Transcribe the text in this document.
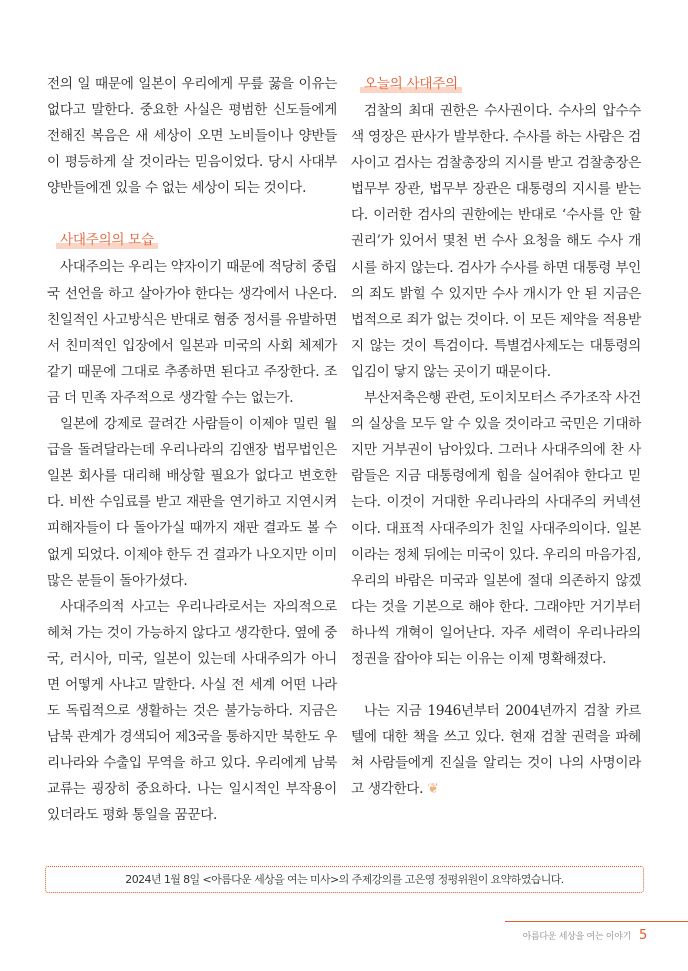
전의 일 때문에 일본이 우리에게 무릎 꿇을 이유는 없다고 말한다. 중요한 사실은 평범한 신도들에게 전해진 복음은 새 세상이 오면 노비들이나 양반들이 평등하게 살 것이라는 믿음이었다. 당시 사대부 양반들에겐 있을 수 없는 세상이 되는 것이다.

사대주의의 모습

사대주의는 우리는 약자이기 때문에 적당히 중립국 선언을 하고 살아가야 한다는 생각에서 나온다. 친일적인 사고방식은 반대로 혐중 정서를 유발하면서 친미적인 입장에서 일본과 미국의 사회 체제가 같기 때문에 그대로 추종하면 된다고 주장한다. 조금 더 민족 자주적으로 생각할 수는 없는가.

일본에 강제로 끌려간 사람들이 이제야 밀린 월급을 돌려달라는데 우리나라의 김앤장 법무법인은 일본 회사를 대리해 배상할 필요가 없다고 변호한다. 비싼 수임료를 받고 재판을 연기하고 지연시켜 피해자들이 다 돌아가실 때까지 재판 결과도 볼 수 없게 되었다. 이제야 한두 건 결과가 나오지만 이미 많은 분들이 돌아가셨다.

사대주의적 사고는 우리나라로서는 자의적으로 헤쳐 가는 것이 가능하지 않다고 생각한다. 옆에 중국, 러시아, 미국, 일본이 있는데 사대주의가 아니면 어떻게 사냐고 말한다. 사실 전 세계 어떤 나라도 독립적으로 생활하는 것은 불가능하다. 지금은 남북 관계가 경색되어 제3국을 통하지만 북한도 우리나라와 수출입 무역을 하고 있다. 우리에게 남북 교류는 굉장히 중요하다. 나는 일시적인 부작용이 있더라도 평화 통일을 꿈꾼다.

오늘의 사대주의

검찰의 최대 권한은 수사권이다. 수사의 압수수색 영장은 판사가 발부한다. 수사를 하는 사람은 검사이고 검사는 검찰총장의 지시를 받고 검찰총장은 법무부 장관, 법무부 장관은 대통령의 지시를 받는다. 이러한 검사의 권한에는 반대로 ‘수사를 안 할 권리’가 있어서 몇천 번 수사 요청을 해도 수사 개시를 하지 않는다. 검사가 수사를 하면 대통령 부인의 죄도 밝힐 수 있지만 수사 개시가 안 된 지금은 법적으로 죄가 없는 것이다. 이 모든 제약을 적용받지 않는 것이 특검이다. 특별검사제도는 대통령의 입김이 닿지 않는 곳이기 때문이다.

부산저축은행 관련, 도이치모터스 주가조작 사건의 실상을 모두 알 수 있을 것이라고 국민은 기대하지만 거부권이 남아있다. 그러나 사대주의에 찬 사람들은 지금 대통령에게 힘을 실어줘야 한다고 믿는다. 이것이 거대한 우리나라의 사대주의 커넥션이다. 대표적 사대주의가 친일 사대주의이다. 일본이라는 정체 뒤에는 미국이 있다. 우리의 마음가짐, 우리의 바람은 미국과 일본에 절대 의존하지 않겠다는 것을 기본으로 해야 한다. 그래야만 거기부터 하나씩 개혁이 일어난다. 자주 세력이 우리나라의 정권을 잡아야 되는 이유는 이제 명확해졌다.

나는 지금 1946년부터 2004년까지 검찰 카르텔에 대한 책을 쓰고 있다. 현재 검찰 권력을 파헤쳐 사람들에게 진실을 알리는 것이 나의 사명이라고 생각한다. ❦

2024년 1월 8일 <아름다운 세상을 여는 미사>의 주제강의를 고은영 정평위원이 요약하였습니다.
아름다운 세상을 여는 이야기 5
